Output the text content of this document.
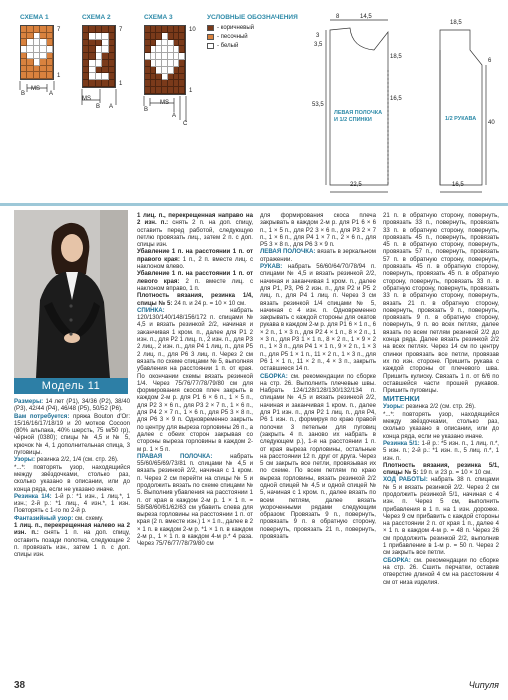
СХЕМА 1
7
1
MS
B	A
СХЕМА 2
7
1
MS
B A
СХЕМА 3
10
1
MS
B
A
C
УСЛОВНЫЕ ОБОЗНАЧЕНИЯ
- коричневый
- песочный
- белый
8	14,5
3
3,5
18,5
53,5
16,5
22,5
18,5
40
16,5
6
ЛЕВАЯ ПОЛОЧКА
И 1/2 СПИНКИ	1/2 РУКАВА
Модель 11

Размеры: 14 лет (P1), 34/36 (P2), 38/40 (P3), 42/44 (P4), 46/48 (P5), 50/52 (P6).

Вам потребуется: пряжа Bouton d'Or: 15/16/16/17/18/19 и 20 мотков Cocoon (80% альпака, 40% шерсть, 75 м/50 гр), чёрной (0380); спицы № 4,5 и № 5, крючок № 4, 1 дополнительная спица, 3 пуговицы.

Узоры: резинка 2/2, 1/4 (см. стр. 26).

*...*: повторять узор, находящийся между звёздочками, столько раз, сколько указано в описании, или до конца ряда, если не указано иначе.

Резинка 1/4: 1-й р.: *1 изн., 1 лиц.*, 1 изн.; 2-й р.: *1 лиц., 4 изн.*, 1 изн. Повторять с 1-го по 2-й р.

Фантазийный узор: см. схему.

1 лиц. п., перекрещенная налево на 2 изн. п.: снять 1 п. на доп. спицу, оставить позади полотна, следующие 2 п. провязать изн., затем 1 п. с доп. спицы изн.

1 лиц. п., перекрещенная направо на 2 изн. п.: снять 2 п. на доп. спицу, оставить перед работой, следующую петлю провязать лиц., затем 2 п. с доп. спицы изн.

Убавление 1 п. на расстоянии 1 п. от правого края: 1 п., 2 п. вместе лиц. с наклоном влево.

Убавление 1 п. на расстоянии 1 п. от левого края: 2 п. вместе лиц. с наклоном вправо, 1 п.

Плотность вязания, резинка 1/4, спицы № 5: 24 п. и 24 р. = 10 × 10 см.

СПИНКА: набрать 120/130/140/148/156/172 п. спицами № 4,5 и вязать резинкой 2/2, начиная и заканчивая 1 кром. п., далее для Р1 2 изн. п., для Р2 1 лиц. п., 2 изн. п., для Р3 2 лиц., 2 изн. п., для Р4 1 лиц. п., для Р5 2 лиц. п., для Р6 3 лиц. п. Через 2 см вязать по схеме спицами № 5, выполняя убавления на расстоянии 1 п. от края. По окончании схемы вязать резинкой 1/4. Через 75/76/77/78/79/80 см для формирования скосов плеч закрыть в каждом 2-м р. для Р1 6 × 6 п., 1 × 5 п., для Р2 3 × 6 п., для Р3 2 × 7 п., 1 × 6 п., для Р4 2 × 7 п., 1 × 6 п., для Р5 3 × 8 п., для Р6 3 × 9 п. Одновременно закрыть по центру для выреза горловины 26 п., а далее с обеих сторон закрывая со стороны выреза горловины в каждом 2-м р. 1 × 5 п.

ПРАВАЯ ПОЛОЧКА: набрать 55/60/65/69/73/81 п. спицами № 4,5 и вязать резинкой 2/2, начиная с 1 кром. п. Через 2 см перейти на спицы № 5 и продолжить вязать по схеме спицами № 5. Выполнив убавления на расстоянии 1 п. от края в каждом 2-м р. 1 × 1 п. = 58/58/60/61/62/63 см убавить слева для выреза горловины на расстоянии 1 п. от края (2 п. вместе изн.) 1 × 1 п., далее в 2 × 1 п. в каждом 2-м р. *1 × 1 п. в каждом 2-м р., 1 × 1 п. в каждом 4-м р.* 4 раза. Через 75/76/77/78/79/80 см

для формирования скоса плеча закрывать в каждом 2-м р. для Р1 6 × 6 п., 1 × 5 п., для Р2 3 × 6 п., для Р3 2 × 7 п., 1 × 6 п., для Р4 1 × 7 п., 2 × 6 п., для Р5 3 × 8 п., для Р6 3 × 9 п.

ЛЕВАЯ ПОЛОЧКА: вязать в зеркальном отражении.

РУКАВ: набрать 56/60/64/70/78/94 п. спицами № 4,5 и вязать резинкой 2/2, начиная и заканчивая 1 кром. п., далее для Р1, Р3, Р6 2 изн. п., для Р2 и Р5 2 лиц. п., для Р4 1 лиц. п. Через 3 см вязать резинкой 1/4 спицами № 5, начиная с 4 изн. п. Одновременно закрывать с каждой стороны для окатов рукава в каждом 2-м р. для Р1 6 × 1 п., 6 × 2 п., 1 × 3 п., для Р2 4 × 1 п., 8 × 2 п., 1 × 3 п., для Р3 1 × 1 п., 8 × 2 п., 1 × 9 × 2 п., 1 × 3 п., для Р4 1 × 1 п., 9 × 2 п., 1 × 3 п., для Р5 1 × 1 п., 11 × 2 п., 1 × 3 п., для Р6 1 × 1 п., 11 × 2 п., 4 × 3 п., закрыть оставшиеся 14 п.

СБОРКА: см. рекомендации по сборке на стр. 26. Выполнить плечевые швы. Набрать 124/128/128/130/132/134 п. спицами № 4,5 и вязать резинкой 2/2, начиная и заканчивая 1 кром. п., далее для Р1 изн. п., для Р2 1 лиц. п., для Р4, Р6 1 изн. п., формируя по краю правой полочки 3 петельки для пуговиц (закрыть 4 п. заново их набрать в следующем р.), 1-я на расстоянии 1 п. от края выреза горловины, остальные на расстоянии 12 п. друг от друга. Через 5 см закрыть все петли, провязывая их по схеме. По всем петлям по краю выреза горловины, вязать резинкой 2/2 одной спицей № 4,5 и одной спицей № 5, начиная с 1 кром. п., далее вязать по всем петлям, далее вязать укороченными рядами следующим образом: Провязать 9 п., повернуть, провязать 9 п. в обратную сторону, повернуть, провязать 21 п., повернуть, провязать

21 п. в обратную сторону, повернуть, провязать 33 п., повернуть, провязать 33 п. в обратную сторону, повернуть, провязать 45 п., повернуть, провязать 45 п. в обратную сторону, повернуть, провязать 57 п., повернуть, провязать 57 п. в обратную сторону, повернуть, провязать 45 п. в обратную сторону, повернуть, провязать 45 п. в обратную сторону, повернуть, провязать 33 п. в обратную сторону, повернуть, провязать 33 п. в обратную сторону, повернуть, вязать 21 п. в обратную сторону, повернуть, провязать 9 п., повернуть, провязать 9 п. в обратную сторону, повернуть, 9 п. во всех петлях, далее вязать по всем петлям резинкой 2/2 до конца ряда. Далее вязать резинкой 2/2 на всех петлях. Через 14 см по центру спинки провязать все петли, провязав их по изн. стороне. Пришить рукава с каждой стороны от плечевого шва. Пришить кулиску. Связать 1 п. от 6/6 по оставшейся части прошей рукавов. Пришить пуговицы.

МИТЕНКИ

Узоры: резинка 2/2 (см. стр. 26).

*...*: повторять узор, находящийся между звёздочками, столько раз, сколько указано в описании, или до конца ряда, если не указано иначе.

Резинка 5/1: 1-й р.: *5 изн. п., 1 лиц. п.*, 5 изн. п.; 2-й р.: *1 изн. п., 5 лиц. п.*, 1 изн. п.

Плотность вязания, резинка 5/1, спицы № 5: 19 п. и 23 р. = 10 × 10 см.

ХОД РАБОТЫ: набрать 38 п. спицами № 5 и вязать резинкой 2/2. Через 2 см продолжить резинкой 5/1, начиная с 4 изн. п. Через 5 см, выполнить прибавления в 1 п. на 1 изн. дорожке. Через 9 см прибавить с каждой стороны на расстоянии 2 п. от края 1 п., далее 4 × 1 п. в каждом 4-м р. = 48 п. Через 26 см продолжить резинкой 2/2, выполнив 1 прибавление в 1-м р. = 50 п. Через 2 см закрыть все петли.

СБОРКА: см. рекомендации по сборке на стр. 26. Сшить перчатки, оставив отверстие длиной 4 см на расстоянии 4 см от низа изделия.

38	Чипуля
